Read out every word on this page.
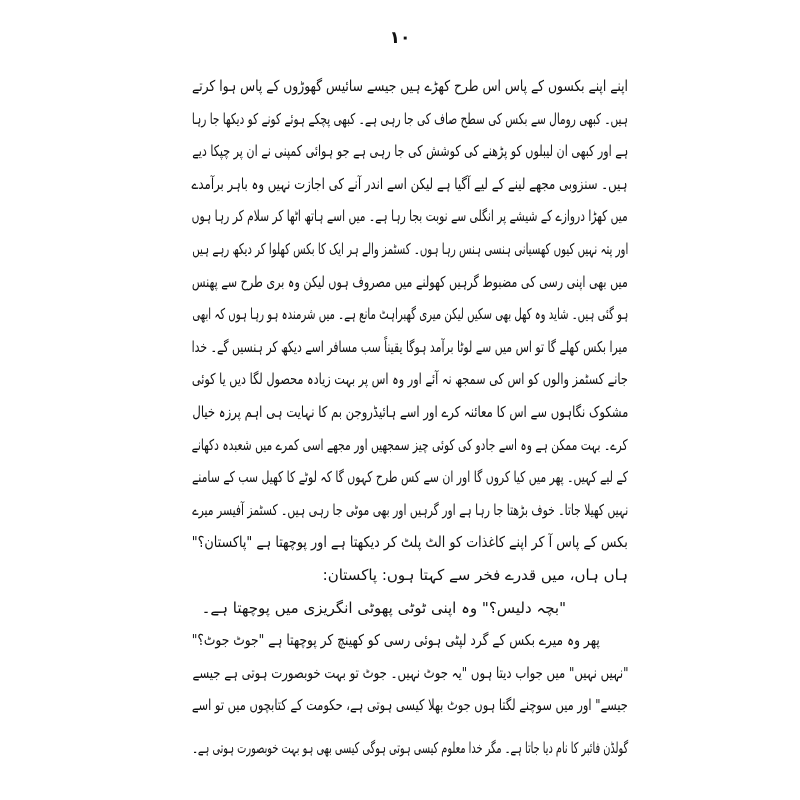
۱۰
اپنے اپنے بکسوں کے پاس اس طرح کھڑے ہیں جیسے سائیس گھوڑوں کے پاس ہوا کرتے
ہیں۔ کبھی رومال سے بکس کی سطح صاف کی جا رہی ہے۔ کبھی پچکے ہوئے کونے کو دیکھا جا رہا
ہے اور کبھی ان لیبلوں کو پڑھنے کی کوشش کی جا رہی ہے جو ہوائی کمپنی نے ان پر چپکا دیے
ہیں۔ سنزوبی مجھے لینے کے لیے آگیا ہے لیکن اسے اندر آنے کی اجازت نہیں وہ باہر برآمدے
میں کھڑا دروازے کے شیشے پر انگلی سے نوبت بجا رہا ہے۔ میں اسے ہاتھ اٹھا کر سلام کر رہا ہوں
اور پتہ نہیں کیوں کھسیانی ہنسی ہنس رہا ہوں۔ کسٹمز والے ہر ایک کا بکس کھلوا کر دیکھ رہے ہیں
میں بھی اپنی رسی کی مضبوط گرہیں کھولنے میں مصروف ہوں لیکن وہ بری طرح سے پھنس
ہو گئی ہیں۔ شاید وہ کھل بھی سکیں لیکن میری گھبراہٹ مانع ہے۔ میں شرمندہ ہو رہا ہوں کہ ابھی
میرا بکس کھلے گا تو اس میں سے لوٹا برآمد ہوگا یقیناً سب مسافر اسے دیکھ کر ہنسیں گے۔ خدا
جانے کسٹمز والوں کو اس کی سمجھ نہ آئے اور وہ اس پر بہت زیادہ محصول لگا دیں یا کوئی
مشکوک نگاہوں سے اس کا معائنہ کرے اور اسے ہائیڈروجن بم کا نہایت ہی اہم پرزہ خیال
کرے۔ بہت ممکن ہے وہ اسے جادو کی کوئی چیز سمجھیں اور مجھے اسی کمرے میں شعبدہ دکھانے
کے لیے کہیں۔ پھر میں کیا کروں گا اور ان سے کس طرح کہوں گا کہ لوٹے کا کھیل سب کے سامنے
نہیں کھیلا جاتا۔ خوف بڑھتا جا رہا ہے اور گرہیں اور بھی موٹی جا رہی ہیں۔ کسٹمز آفیسر میرے
بکس کے پاس آ کر اپنے کاغذات کو الٹ پلٹ کر دیکھتا ہے اور پوچھتا ہے "پاکستان؟"
ہاں ہاں، میں قدرے فخر سے کہتا ہوں: پاکستان:
"بچہ دلیس؟" وہ اپنی ٹوٹی پھوٹی انگریزی میں پوچھتا ہے۔
پھر وہ میرے بکس کے گرد لپٹی ہوئی رسی کو کھینچ کر پوچھتا ہے "جوٹ جوٹ؟"
"نہیں نہیں" میں جواب دیتا ہوں "یہ جوٹ نہیں۔ جوٹ تو بہت خوبصورت ہوتی ہے جیسے
جیسے" اور میں سوچنے لگتا ہوں جوٹ بھلا کیسی ہوتی ہے، حکومت کے کتابچوں میں تو اسے
گولڈن فائبر کا نام دیا جاتا ہے۔ مگر خدا معلوم کیسی ہوتی ہوگی کیسی بھی ہو بہت خوبصورت ہوتی ہے۔
